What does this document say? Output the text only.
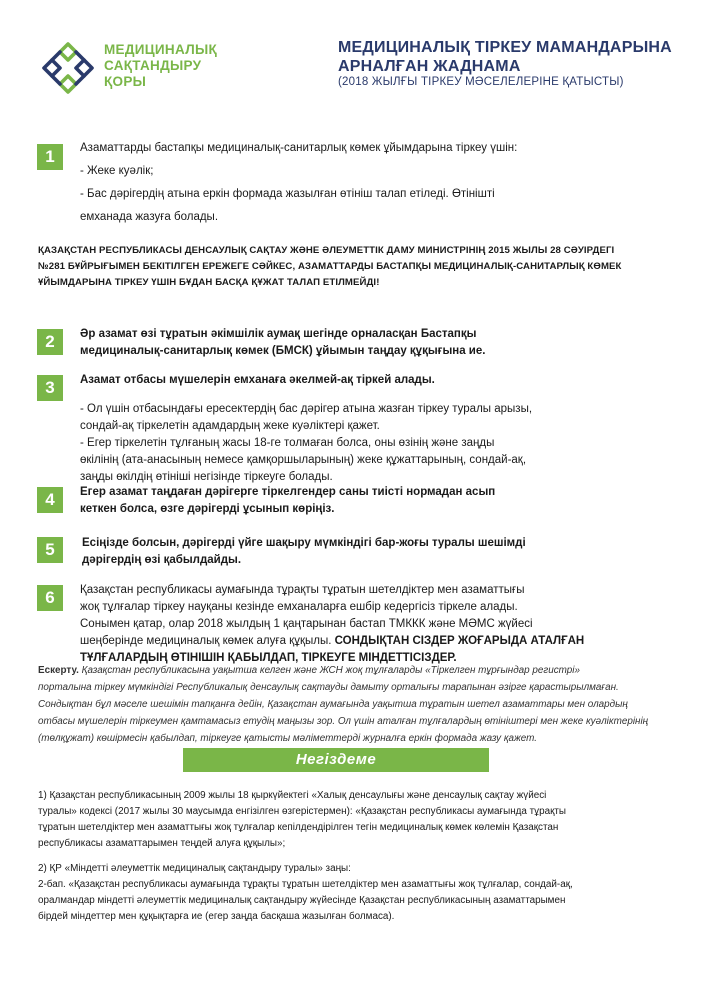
МЕДИЦИНАЛЫҚ
САҚТАНДЫРУ
ҚОРЫ
МЕДИЦИНАЛЫҚ ТІРКЕУ МАМАНДАРЫНА
АРНАЛҒАН ЖАДНАМА
(2018 ЖЫЛҒЫ ТІРКЕУ МӘСЕЛЕЛЕРІНЕ ҚАТЫСТЫ)
1	Азаматтарды бастапқы медициналық-санитарлық көмек ұйымдарына тіркеу үшін:
- Жеке куәлік;
- Бас дәрігердің атына еркін формада жазылған өтініш талап етіледі. Өтінішті
емханада жазуға болады.
ҚАЗАҚСТАН РЕСПУБЛИКАСЫ ДЕНСАУЛЫҚ САҚТАУ ЖӘНЕ ӘЛЕУМЕТТІК ДАМУ МИНИСТРІНІҢ 2015 ЖЫЛЫ 28 СӘУІРДЕГІ
№281 БҰЙРЫҒЫМЕН БЕКІТІЛГЕН ЕРЕЖЕГЕ СӘЙКЕС, АЗАМАТТАРДЫ БАСТАПҚЫ МЕДИЦИНАЛЫҚ-САНИТАРЛЫҚ КӨМЕК
ҰЙЫМДАРЫНА ТІРКЕУ ҮШІН БҰДАН БАСҚА ҚҰЖАТ ТАЛАП ЕТІЛМЕЙДІ!
2	Әр азамат өзі тұратын әкімшілік аумақ шегінде орналасқан Бастапқы
медициналық-санитарлық көмек (БМСК) ұйымын таңдау құқығына ие.
3	Азамат отбасы мүшелерін емханаға әкелмей-ақ тіркей алады.
- Ол үшін отбасындағы ересектердің бас дәрігер атына жазған тіркеу туралы арызы,
сондай-ақ тіркелетін адамдардың жеке куәліктері қажет.
- Егер тіркелетін тұлғаның жасы 18-ге толмаған болса, оны өзінің және заңды
өкілінің (ата-анасының немесе қамқоршыларының) жеке құжаттарының, сондай-ақ,
заңды өкілдің өтініші негізінде тіркеуге болады.
4	Егер азамат таңдаған дәрігерге тіркелгендер саны тиісті нормадан асып
кеткен болса, өзге дәрігерді ұсынып көріңіз.
5	Есіңізде болсын, дәрігерді үйге шақыру мүмкіндігі бар-жоғы туралы шешімді
дәрігердің өзі қабылдайды.
6	Қазақстан республикасы аумағында тұрақты тұратын шетелдіктер мен азаматтығы
жоқ тұлғалар тіркеу науқаны кезінде емханаларға ешбір кедергісіз тіркеле алады.
Сонымен қатар, олар 2018 жылдың 1 қаңтарынан бастап ТМККК және МӘМС жүйесі
шеңберінде медициналық көмек алуға құқылы. СОНДЫҚТАН СІЗДЕР ЖОҒАРЫДА АТАЛҒАН
ТҰЛҒАЛАРДЫҢ ӨТІНІШІН ҚАБЫЛДАП, ТІРКЕУГЕ МІНДЕТТІСІЗДЕР.
Ескерту. Қазақстан республикасына уақытша келген және ЖСН жоқ тұлғаларды «Тіркелген тұрғындар регистрі»
порталына тіркеу мүмкіндігі Республикалық денсаулық сақтауды дамыту орталығы тарапынан әзірге қарастырылмаған.
Сондықтан бұл мәселе шешімін тапқанға дейін, Қазақстан аумағында уақытша тұратын шетел азаматтары мен олардың
отбасы мүшелерін тіркеумен қамтамасыз етудің маңызы зор. Ол үшін аталған тұлғалардың өтініштері мен жеке куәліктерінің
(төлқұжат) көшірмесін қабылдап, тіркеуге қатысты мәліметтерді журналға еркін формада жазу қажет.
Негіздеме
1) Қазақстан республикасының 2009 жылы 18 қыркүйектегі «Халық денсаулығы және денсаулық сақтау жүйесі
туралы» кодексі (2017 жылы 30 маусымда енгізілген өзгерістермен): «Қазақстан республикасы аумағында тұрақты
тұратын шетелдіктер мен азаматтығы жоқ тұлғалар кепілдендірілген тегін медициналық көмек көлемін Қазақстан
республикасы азаматтарымен теңдей алуға құқылы»;
2) ҚР «Міндетті әлеуметтік медициналық сақтандыру туралы» заңы:
2-бап. «Қазақстан республикасы аумағында тұрақты тұратын шетелдіктер мен азаматтығы жоқ тұлғалар, сондай-ақ,
оралмандар міндетті әлеуметтік медициналық сақтандыру жүйесінде Қазақстан республикасының азаматтарымен
бірдей міндеттер мен құқықтарға ие (егер заңда басқаша жазылған болмаса).
